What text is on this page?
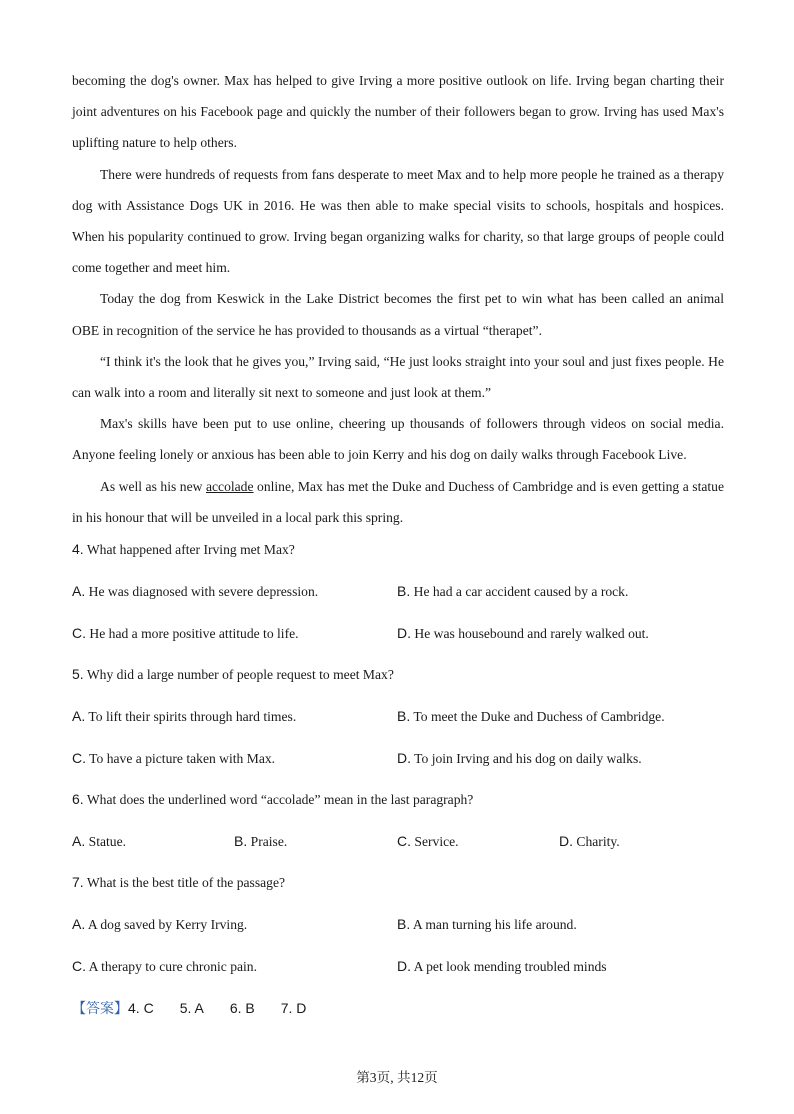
becoming the dog's owner. Max has helped to give Irving a more positive outlook on life. Irving began charting their joint adventures on his Facebook page and quickly the number of their followers began to grow. Irving has used Max's uplifting nature to help others.

There were hundreds of requests from fans desperate to meet Max and to help more people he trained as a therapy dog with Assistance Dogs UK in 2016. He was then able to make special visits to schools, hospitals and hospices. When his popularity continued to grow. Irving began organizing walks for charity, so that large groups of people could come together and meet him.

Today the dog from Keswick in the Lake District becomes the first pet to win what has been called an animal OBE in recognition of the service he has provided to thousands as a virtual “therapet”.

“I think it's the look that he gives you,” Irving said, “He just looks straight into your soul and just fixes people. He can walk into a room and literally sit next to someone and just look at them.”

Max's skills have been put to use online, cheering up thousands of followers through videos on social media. Anyone feeling lonely or anxious has been able to join Kerry and his dog on daily walks through Facebook Live.

As well as his new accolade online, Max has met the Duke and Duchess of Cambridge and is even getting a statue in his honour that will be unveiled in a local park this spring.

4. What happened after Irving met Max?
A. He was diagnosed with severe depression.	B. He had a car accident caused by a rock.
C. He had a more positive attitude to life.	D. He was housebound and rarely walked out.
5. Why did a large number of people request to meet Max?
A. To lift their spirits through hard times.	B. To meet the Duke and Duchess of Cambridge.
C. To have a picture taken with Max.	D. To join Irving and his dog on daily walks.
6. What does the underlined word “accolade” mean in the last paragraph?
A. Statue.	B. Praise.	C. Service.	D. Charity.
7. What is the best title of the passage?
A. A dog saved by Kerry Irving.	B. A man turning his life around.
C. A therapy to cure chronic pain.	D. A pet look mending troubled minds
【答案】4. C 5. A 6. B 7. D
第3页, 共12页
